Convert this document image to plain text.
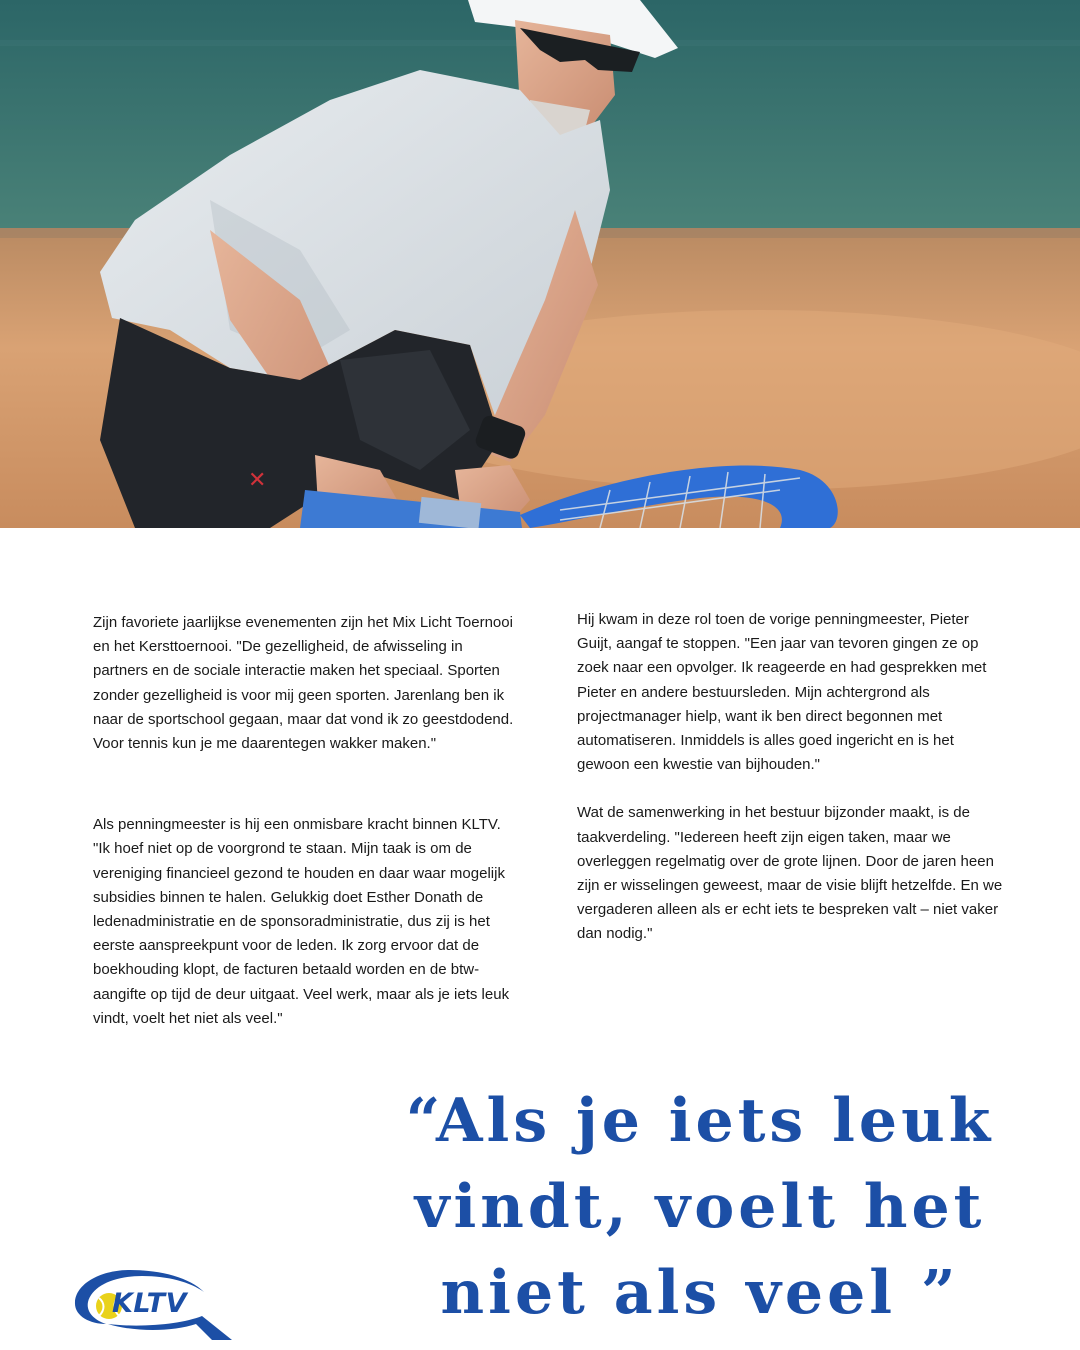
✕

Zijn favoriete jaarlijkse evenementen zijn het Mix Licht Toernooi en het Kersttoernooi. "De gezelligheid, de afwisseling in partners en de sociale interactie maken het speciaal. Sporten zonder gezelligheid is voor mij geen sporten. Jarenlang ben ik naar de sportschool gegaan, maar dat vond ik zo geestdodend. Voor tennis kun je me daarentegen wakker maken."

Als penningmeester is hij een onmisbare kracht binnen KLTV. "Ik hoef niet op de voorgrond te staan. Mijn taak is om de vereniging financieel gezond te houden en daar waar mogelijk subsidies binnen te halen. Gelukkig doet Esther Donath de ledenadministratie en de sponsoradministratie, dus zij is het eerste aanspreekpunt voor de leden. Ik zorg ervoor dat de boekhouding klopt, de facturen betaald worden en de btw-aangifte op tijd de deur uitgaat. Veel werk, maar als je iets leuk vindt, voelt het niet als veel."

Hij kwam in deze rol toen de vorige penningmeester, Pieter Guijt, aangaf te stoppen. "Een jaar van tevoren gingen ze op zoek naar een opvolger. Ik reageerde en had gesprekken met Pieter en andere bestuursleden. Mijn achtergrond als projectmanager hielp, want ik ben direct begonnen met automatiseren. Inmiddels is alles goed ingericht en is het gewoon een kwestie van bijhouden."

Wat de samenwerking in het bestuur bijzonder maakt, is de taakverdeling. "Iedereen heeft zijn eigen taken, maar we overleggen regelmatig over de grote lijnen. Door de jaren heen zijn er wisselingen geweest, maar de visie blijft hetzelfde. En we vergaderen alleen als er echt iets te bespreken valt – niet vaker dan nodig."

“Als je iets leuk
vindt, voelt het
niet als veel ”
KLTV
